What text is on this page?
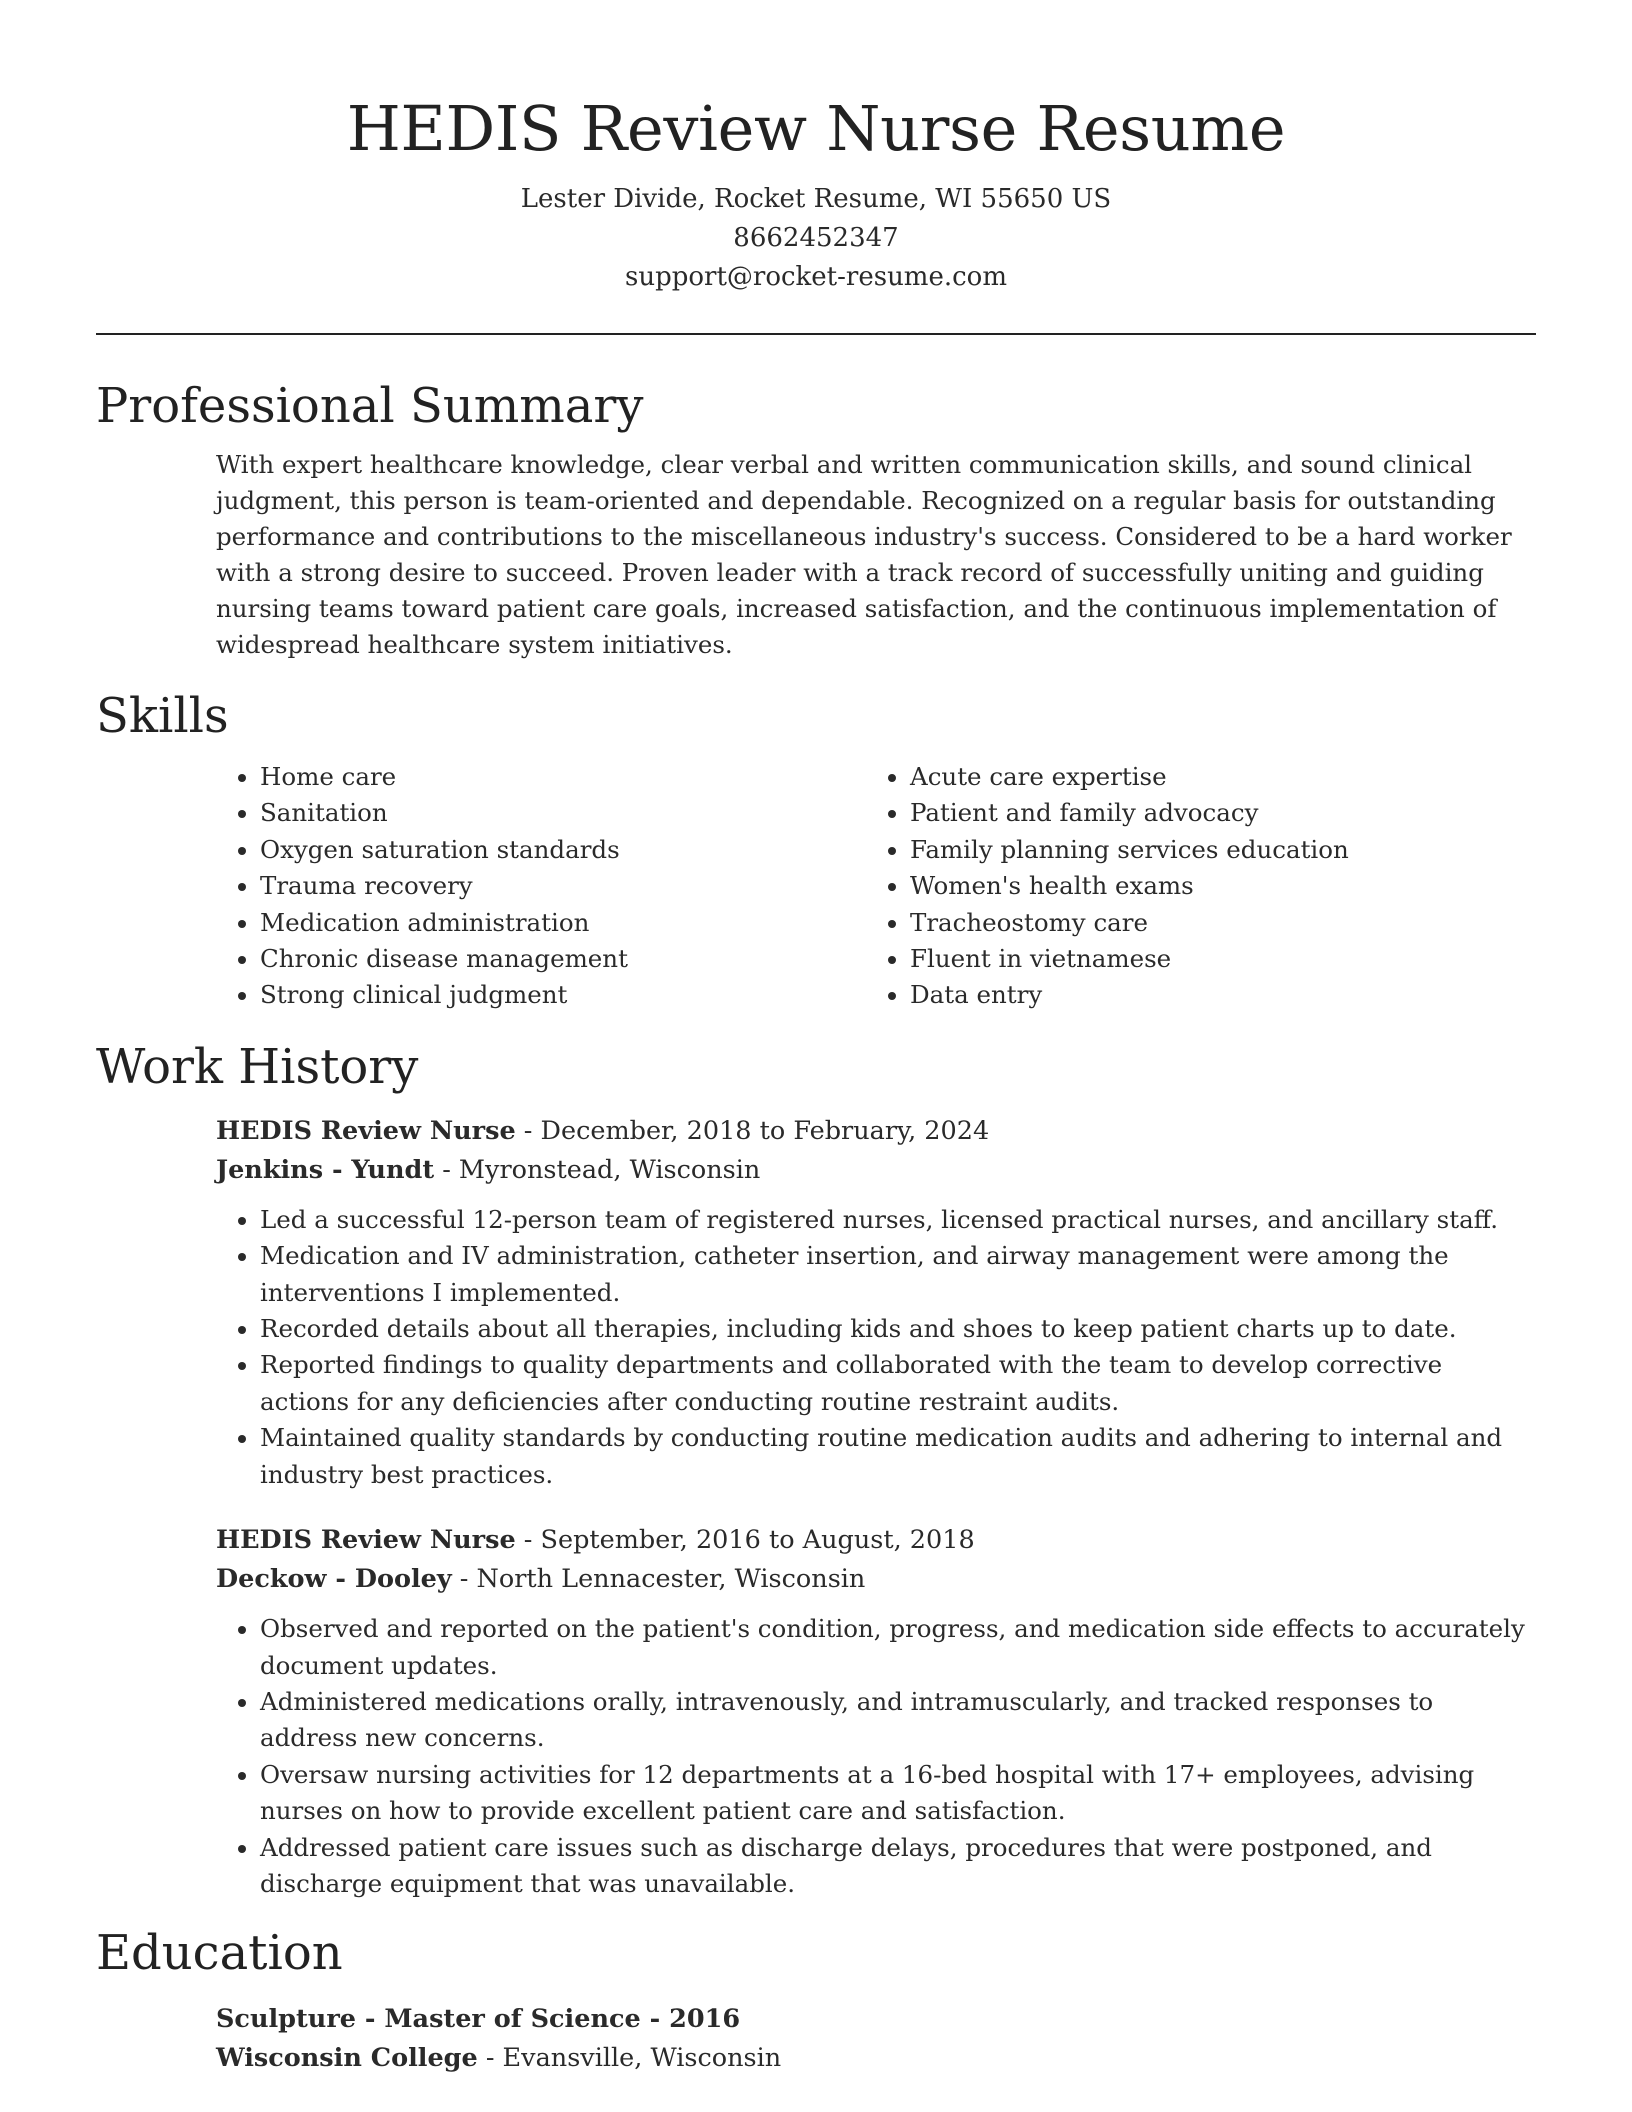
HEDIS Review Nurse Resume
Lester Divide, Rocket Resume, WI 55650 US
8662452347
support@rocket-resume.com
Professional Summary

With expert healthcare knowledge, clear verbal and written communication skills, and sound clinical judgment, this person is team-oriented and dependable. Recognized on a regular basis for outstanding performance and contributions to the miscellaneous industry's success. Considered to be a hard worker with a strong desire to succeed. Proven leader with a track record of successfully uniting and guiding nursing teams toward patient care goals, increased satisfaction, and the continuous implementation of widespread healthcare system initiatives.

Skills
• Home care
• Sanitation
• Oxygen saturation standards
• Trauma recovery
• Medication administration
• Chronic disease management
• Strong clinical judgment
• Acute care expertise
• Patient and family advocacy
• Family planning services education
• Women's health exams
• Tracheostomy care
• Fluent in vietnamese
• Data entry
Work History
HEDIS Review Nurse - December, 2018 to February, 2024
Jenkins - Yundt - Myronstead, Wisconsin
• Led a successful 12-person team of registered nurses, licensed practical nurses, and ancillary staff.
• Medication and IV administration, catheter insertion, and airway management were among the interventions I implemented.
• Recorded details about all therapies, including kids and shoes to keep patient charts up to date.
• Reported findings to quality departments and collaborated with the team to develop corrective actions for any deficiencies after conducting routine restraint audits.
• Maintained quality standards by conducting routine medication audits and adhering to internal and industry best practices.
HEDIS Review Nurse - September, 2016 to August, 2018
Deckow - Dooley - North Lennacester, Wisconsin
• Observed and reported on the patient's condition, progress, and medication side effects to accurately document updates.
• Administered medications orally, intravenously, and intramuscularly, and tracked responses to address new concerns.
• Oversaw nursing activities for 12 departments at a 16-bed hospital with 17+ employees, advising nurses on how to provide excellent patient care and satisfaction.
• Addressed patient care issues such as discharge delays, procedures that were postponed, and discharge equipment that was unavailable.
Education
Sculpture - Master of Science - 2016
Wisconsin College - Evansville, Wisconsin
